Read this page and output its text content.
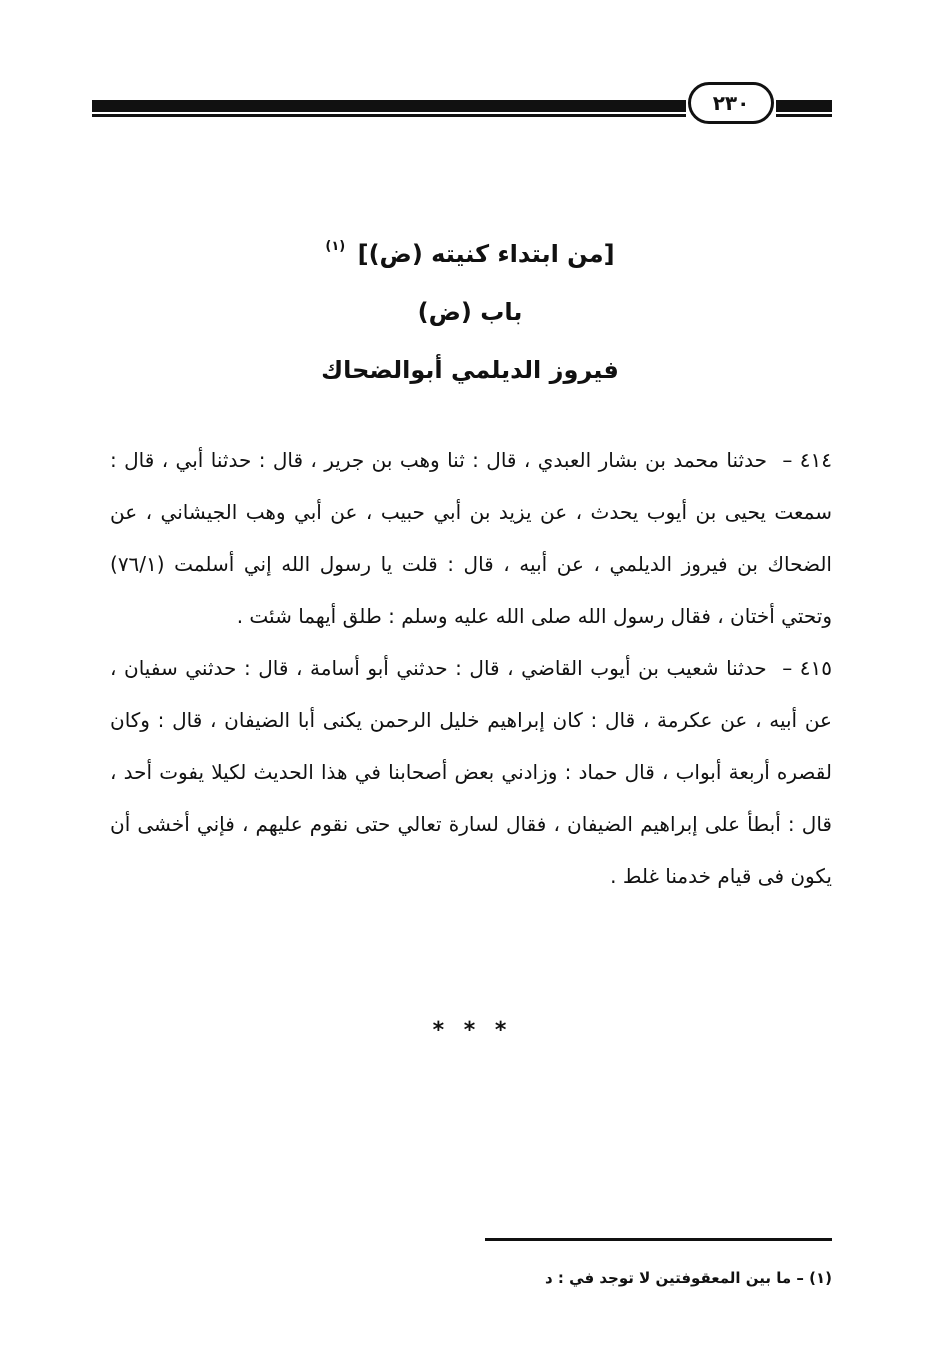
٢٣٠

[من ابتداء كنيته (ض)] $^{(١)}$

باب (ض)

فيروز الديلمي أبوالضحاك

٤١٤ – حدثنا محمد بن بشار العبدي ، قال : ثنا وهب بن جرير ، قال : حدثنا أبي ، قال : سمعت يحيى بن أيوب يحدث ، عن يزيد بن أبي حبيب ، عن أبي وهب الجيشاني ، عن الضحاك بن فيروز الديلمي ، عن أبيه ، قال : قلت يا رسول الله إني أسلمت (٧٦/١) وتحتي أختان ، فقال رسول الله صلى الله عليه وسلم : طلق أيهما شئت .

٤١٥ – حدثنا شعيب بن أيوب القاضي ، قال : حدثني أبو أسامة ، قال : حدثني سفيان ، عن أبيه ، عن عكرمة ، قال : كان إبراهيم خليل الرحمن يكنى أبا الضيفان ، قال : وكان لقصره أربعة أبواب ، قال حماد : وزادني بعض أصحابنا في هذا الحديث لكيلا يفوت أحد ، قال : أبطأ على إبراهيم الضيفان ، فقال لسارة تعالي حتى نقوم عليهم ، فإني أخشى أن يكون فى قيام خدمنا غلط .

* * *
(١) – ما بين المعقوفتين لا توجد في : د
